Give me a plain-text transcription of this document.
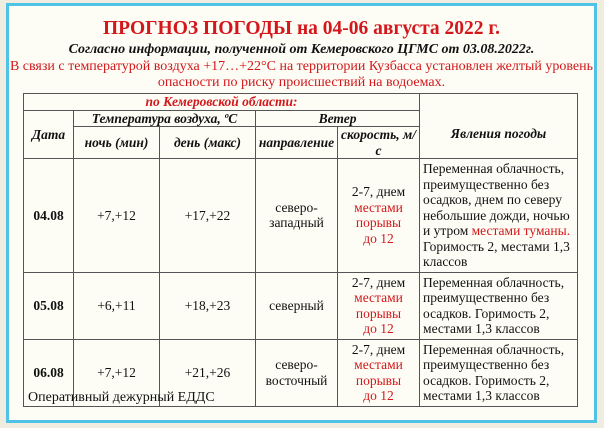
ПРОГНОЗ ПОГОДЫ на 04-06 августа 2022 г.
Согласно информации, полученной от Кемеровского ЦГМС от 03.08.2022г.
В связи с температурой воздуха +17…+22°C на территории Кузбасса установлен желтый уровень опасности по риску происшествий на водоемах.
по Кемеровской области:					
Дата	Температура воздуха, ºС		Ветер		Явления погоды
	ночь (мин)	день (макс)	направление	скорость, м/с	
04.08	+7,+12	+17,+22	северо-западный	2-7, днем
местами порывы
до 12	Переменная облачность, преимущественно без осадков, днем по северу небольшие дожди, ночью и утром местами туманы. Горимость 2, местами 1,3 классов
05.08	+6,+11	+18,+23	северный	2-7, днем
местами порывы
до 12	Переменная облачность, преимущественно без осадков. Горимость 2, местами 1,3 классов
06.08	+7,+12	+21,+26	северо-восточный	2-7, днем
местами порывы
до 12	Переменная облачность, преимущественно без осадков. Горимость 2, местами 1,3 классов
Оперативный дежурный ЕДДС
